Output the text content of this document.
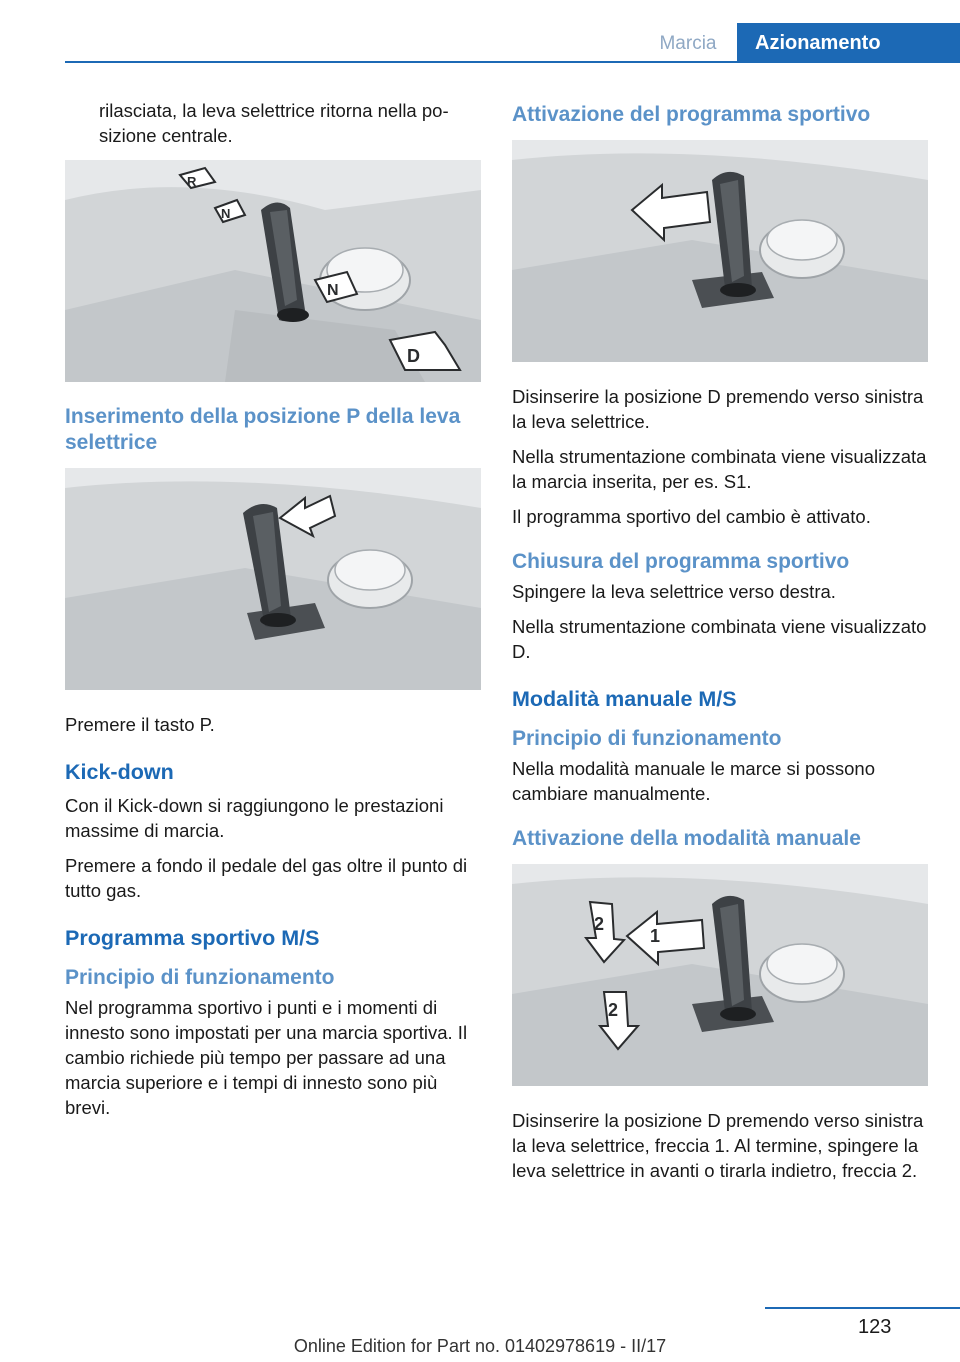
Marcia	Azionamento

rilasciata, la leva selettrice ritorna nella posizione centrale.

R
N
N
D
Inserimento della posizione P della leva selettrice

Premere il tasto P.

Kick-down

Con il Kick-down si raggiungono le prestazioni massime di marcia.

Premere a fondo il pedale del gas oltre il punto di tutto gas.

Programma sportivo M/S
Principio di funzionamento

Nel programma sportivo i punti e i momenti di innesto sono impostati per una marcia sportiva. Il cambio richiede più tempo per passare ad una marcia superiore e i tempi di innesto sono più brevi.

Attivazione del programma sportivo

Disinserire la posizione D premendo verso sinistra la leva selettrice.

Nella strumentazione combinata viene visualizzata la marcia inserita, per es. S1.

Il programma sportivo del cambio è attivato.

Chiusura del programma sportivo

Spingere la leva selettrice verso destra.

Nella strumentazione combinata viene visualizzato D.

Modalità manuale M/S
Principio di funzionamento

Nella modalità manuale le marce si possono cambiare manualmente.

Attivazione della modalità manuale
1
2
2

Disinserire la posizione D premendo verso sinistra la leva selettrice, freccia 1. Al termine, spingere la leva selettrice in avanti o tirarla indietro, freccia 2.

123
Online Edition for Part no. 01402978619 - II/17
